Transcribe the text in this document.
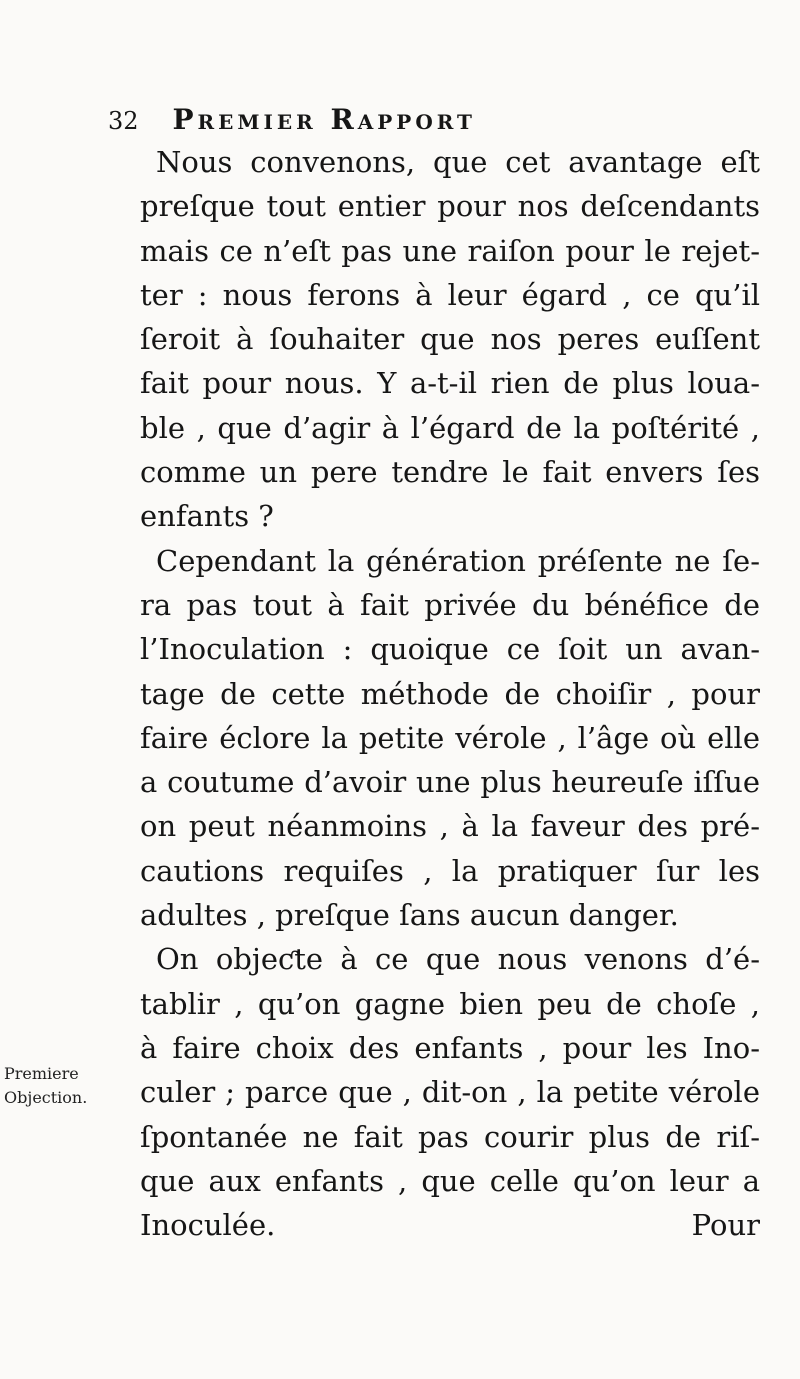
32 Premier Rapport
Premiere
Objection.
Nous convenons, que cet avantage eſt
preſque tout entier pour nos deſcendants
mais ce n’eſt pas une raiſon pour le rejet-
ter : nous ferons à leur égard , ce qu’il
ſeroit à ſouhaiter que nos peres euſſent
fait pour nous. Y a-t-il rien de plus loua-
ble , que d’agir à l’égard de la poſtérité ,
comme un pere tendre le fait envers ſes
enfants ?
Cependant la génération préſente ne ſe-
ra pas tout à fait privée du bénéfice de
l’Inoculation : quoique ce ſoit un avan-
tage de cette méthode de choiſir , pour
faire éclore la petite vérole , l’âge où elle
a coutume d’avoir une plus heureuſe iſſue
on peut néanmoins , à la faveur des pré-
cautions requiſes , la pratiquer ſur les
adultes , preſque ſans aucun danger.
On objeƈte à ce que nous venons d’é-
tablir , qu’on gagne bien peu de choſe ,
à faire choix des enfants , pour les Ino-
culer ; parce que , dit-on , la petite vérole
ſpontanée ne fait pas courir plus de riſ-
que aux enfants , que celle qu’on leur a
Inoculée.	Pour
